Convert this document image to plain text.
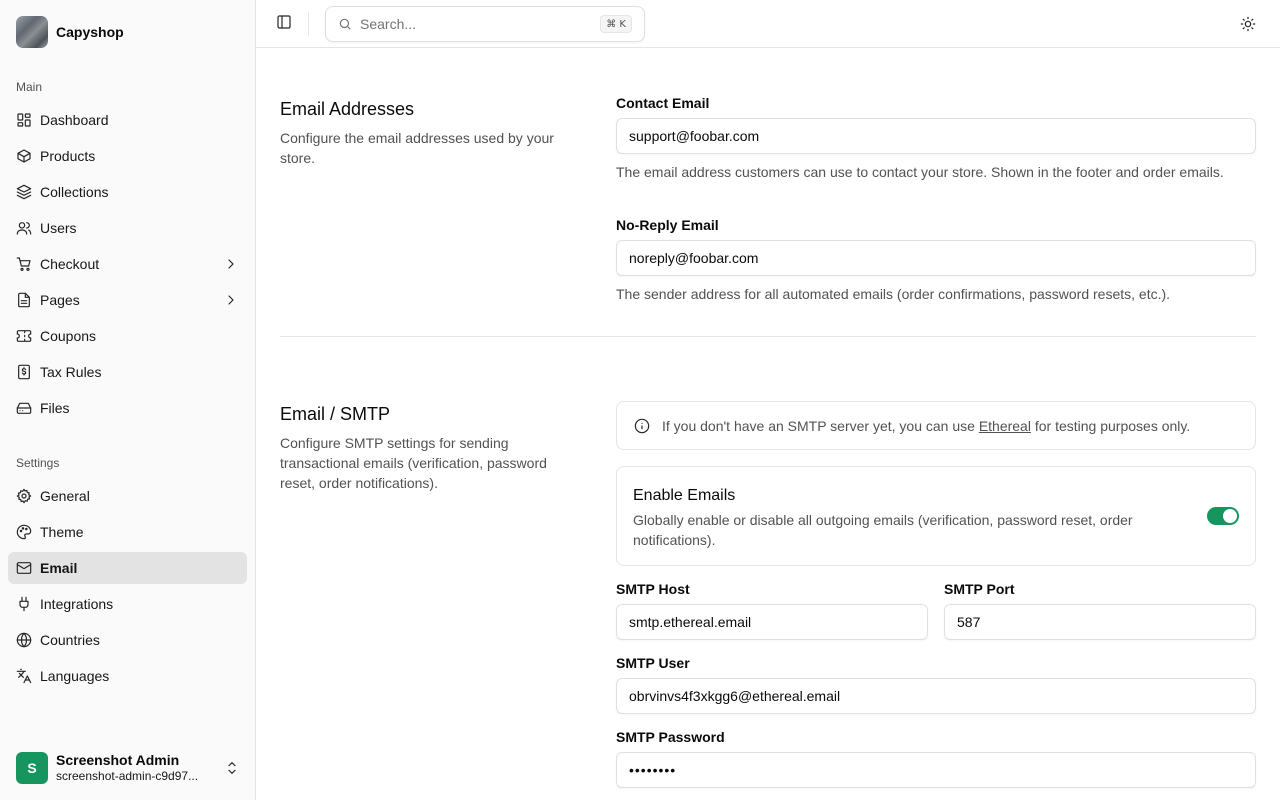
Capyshop
Main
Dashboard
Products
Collections
Users
Checkout
Pages
Coupons
Tax Rules
Files
Settings
General
Theme
Email
Integrations
Countries
Languages
S	Screenshot Admin
screenshot-admin-c9d97...
Search...
⌘ K
Email Addresses

Configure the email addresses used by your store.

Contact Email
support@foobar.com

The email address customers can use to contact your store. Shown in the footer and order emails.

No-Reply Email
noreply@foobar.com

The sender address for all automated emails (order confirmations, password resets, etc.).

Email / SMTP

Configure SMTP settings for sending transactional emails (verification, password reset, order notifications).

If you don't have an SMTP server yet, you can use Ethereal for testing purposes only.
Enable Emails
Globally enable or disable all outgoing emails (verification, password reset, order notifications).
SMTP Host
smtp.ethereal.email	SMTP Port
587
SMTP User
obrvinvs4f3xkgg6@ethereal.email
SMTP Password
••••••••
